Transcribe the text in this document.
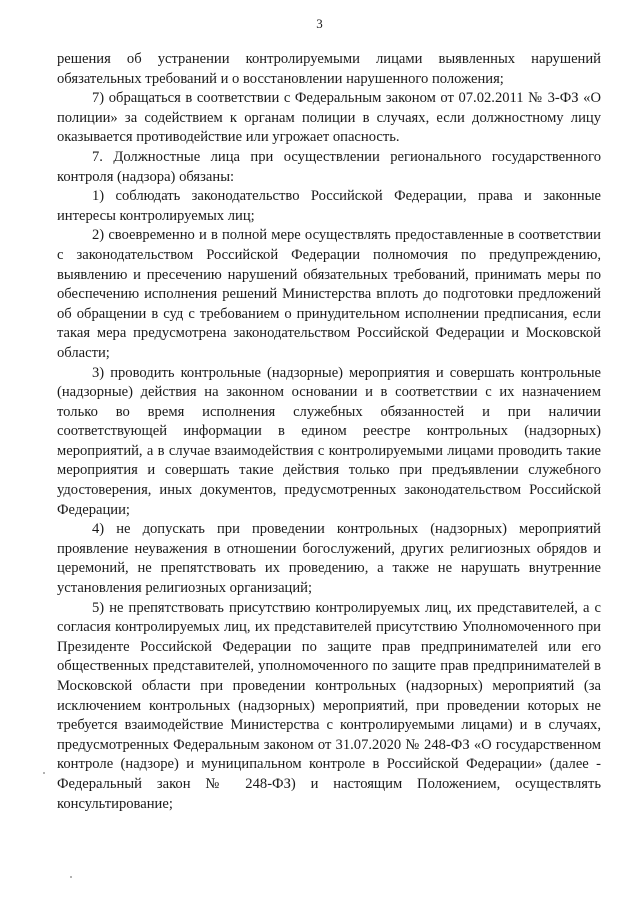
3

решения об устранении контролируемыми лицами выявленных нарушений обязательных требований и о восстановлении нарушенного положения;

7) обращаться в соответствии с Федеральным законом от 07.02.2011 № 3-ФЗ «О полиции» за содействием к органам полиции в случаях, если должностному лицу оказывается противодействие или угрожает опасность.

7. Должностные лица при осуществлении регионального государственного контроля (надзора) обязаны:

1) соблюдать законодательство Российской Федерации, права и законные интересы контролируемых лиц;

2) своевременно и в полной мере осуществлять предоставленные в соответствии с законодательством Российской Федерации полномочия по предупреждению, выявлению и пресечению нарушений обязательных требований, принимать меры по обеспечению исполнения решений Министерства вплоть до подготовки предложений об обращении в суд с требованием о принудительном исполнении предписания, если такая мера предусмотрена законодательством Российской Федерации и Московской области;

3) проводить контрольные (надзорные) мероприятия и совершать контрольные (надзорные) действия на законном основании и в соответствии с их назначением только во время исполнения служебных обязанностей и при наличии соответствующей информации в едином реестре контрольных (надзорных) мероприятий, а в случае взаимодействия с контролируемыми лицами проводить такие мероприятия и совершать такие действия только при предъявлении служебного удостоверения, иных документов, предусмотренных законодательством Российской Федерации;

4) не допускать при проведении контрольных (надзорных) мероприятий проявление неуважения в отношении богослужений, других религиозных обрядов и церемоний, не препятствовать их проведению, а также не нарушать внутренние установления религиозных организаций;

5) не препятствовать присутствию контролируемых лиц, их представителей, а с согласия контролируемых лиц, их представителей присутствию Уполномоченного при Президенте Российской Федерации по защите прав предпринимателей или его общественных представителей, уполномоченного по защите прав предпринимателей в Московской области при проведении контрольных (надзорных) мероприятий (за исключением контрольных (надзорных) мероприятий, при проведении которых не требуется взаимодействие Министерства с контролируемыми лицами) и в случаях, предусмотренных Федеральным законом от 31.07.2020 № 248-ФЗ «О государственном контроле (надзоре) и муниципальном контроле в Российской Федерации» (далее - Федеральный закон № 248-ФЗ) и настоящим Положением, осуществлять консультирование;
